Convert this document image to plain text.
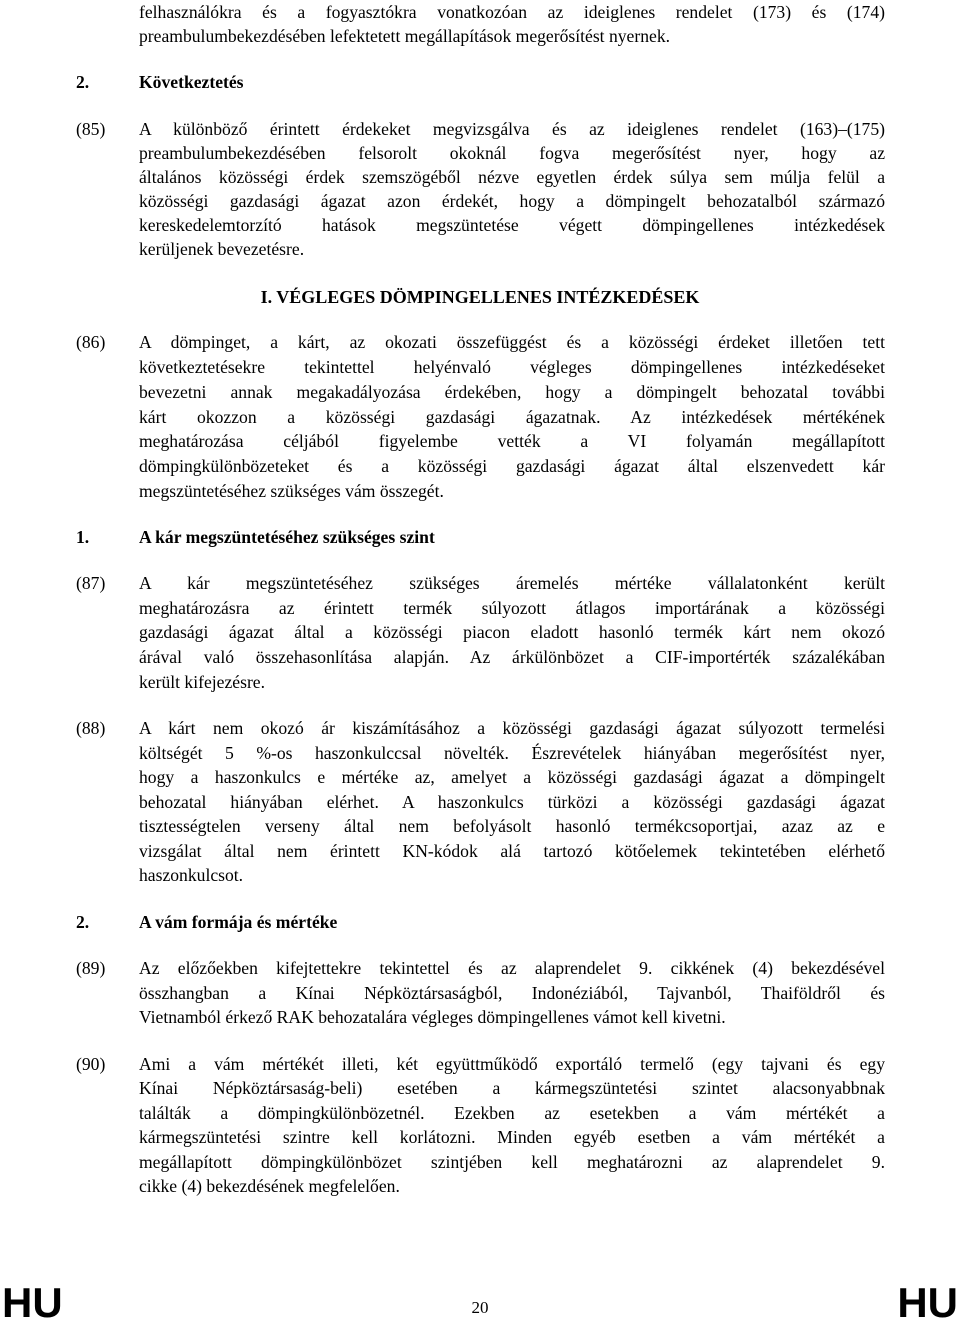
felhasználókra és a fogyasztókra vonatkozóan az ideiglenes rendelet (173) és (174)
preambulumbekezdésében lefektetett megállapítások megerősítést nyernek.
2.	Következtetés
(85) A különböző érintett érdekeket megvizsgálva és az ideiglenes rendelet (163)–(175)
preambulumbekezdésében felsorolt okoknál fogva megerősítést nyer, hogy az
általános közösségi érdek szemszögéből nézve egyetlen érdek súlya sem múlja felül a
közösségi gazdasági ágazat azon érdekét, hogy a dömpingelt behozatalból származó
kereskedelemtorzító hatások megszüntetése végett dömpingellenes intézkedések
kerüljenek bevezetésre.
I. VÉGLEGES DÖMPINGELLENES INTÉZKEDÉSEK
(86) A dömpinget, a kárt, az okozati összefüggést és a közösségi érdeket illetően tett
következtetésekre tekintettel helyénvaló végleges dömpingellenes intézkedéseket
bevezetni annak megakadályozása érdekében, hogy a dömpingelt behozatal további
kárt okozzon a közösségi gazdasági ágazatnak. Az intézkedések mértékének
meghatározása céljából figyelembe vették a VI folyamán megállapított
dömpingkülönbözeteket és a közösségi gazdasági ágazat által elszenvedett kár
megszüntetéséhez szükséges vám összegét.
1.	A kár megszüntetéséhez szükséges szint
(87) A kár megszüntetéséhez szükséges áremelés mértéke vállalatonként került
meghatározásra az érintett termék súlyozott átlagos importárának a közösségi
gazdasági ágazat által a közösségi piacon eladott hasonló termék kárt nem okozó
árával való összehasonlítása alapján. Az árkülönbözet a CIF-importérték százalékában
került kifejezésre.
(88) A kárt nem okozó ár kiszámításához a közösségi gazdasági ágazat súlyozott termelési
költségét 5 %-os haszonkulccsal növelték. Észrevételek hiányában megerősítést nyer,
hogy a haszonkulcs e mértéke az, amelyet a közösségi gazdasági ágazat a dömpingelt
behozatal hiányában elérhet. A haszonkulcs türközi a közösségi gazdasági ágazat
tisztességtelen verseny által nem befolyásolt hasonló termékcsoportjai, azaz az e
vizsgálat által nem érintett KN-kódok alá tartozó kötőelemek tekintetében elérhető
haszonkulcsot.
2.	A vám formája és mértéke
(89) Az előzőekben kifejtettekre tekintettel és az alaprendelet 9. cikkének (4) bekezdésével
összhangban a Kínai Népköztársaságból, Indonéziából, Tajvanból, Thaiföldről és
Vietnamból érkező RAK behozatalára végleges dömpingellenes vámot kell kivetni.
(90) Ami a vám mértékét illeti, két együttműködő exportáló termelő (egy tajvani és egy
Kínai Népköztársaság-beli) esetében a kármegszüntetési szintet alacsonyabbnak
találták a dömpingkülönbözetnél. Ezekben az esetekben a vám mértékét a
kármegszüntetési szintre kell korlátozni. Minden egyéb esetben a vám mértékét a
megállapított dömpingkülönbözet szintjében kell meghatározni az alaprendelet 9.
cikke (4) bekezdésének megfelelően.
HU	20	HU
